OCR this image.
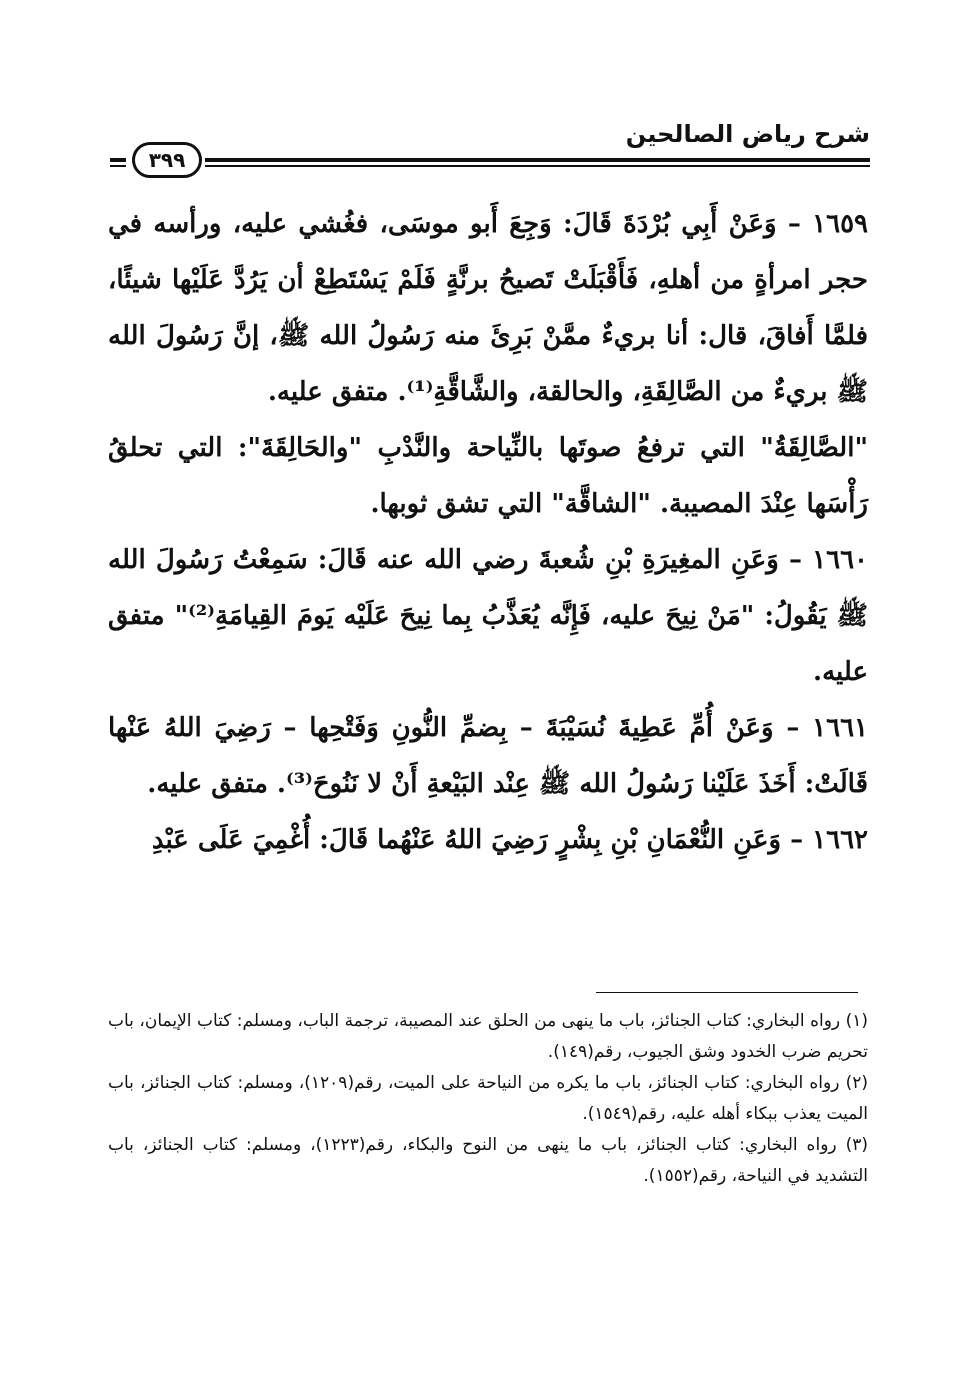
شرح رياض الصالحين
٣٩٩

١٦٥٩ – وَعَنْ أَبِي بُرْدَةَ قَالَ: وَجِعَ أَبو موسَى، فغُشي عليه، ورأسه في حجر امرأةٍ من أهلهِ، فَأَقْبَلَتْ تَصيحُ برنَّةٍ فَلَمْ يَسْتَطِعْ أن يَرُدَّ عَلَيْها شيئًا، فلمَّا أَفاقَ، قال: أنا بريءٌ ممَّنْ بَرِئَ منه رَسُولُ الله ﷺ، إنَّ رَسُولَ الله ﷺ بريءٌ من الصَّالِقَةِ، والحالقة، والشَّاقَّةِ⁽¹⁾. متفق عليه.

"الصَّالِقَةُ" التي ترفعُ صوتَها بالنِّياحة والنَّدْبِ "والحَالِقَةَ": التي تحلقُ رَأْسَها عِنْدَ المصيبة. "الشاقَّة" التي تشق ثوبها.

١٦٦٠ – وَعَنِ المغِيرَةِ بْنِ شُعبةَ رضي الله عنه قَالَ: سَمِعْتُ رَسُولَ الله ﷺ يَقُولُ: "مَنْ نِيحَ عليه، فَإِنَّه يُعَذَّبُ بِما نِيحَ عَلَيْه يَومَ القِيامَةِ⁽²⁾" متفق عليه.

١٦٦١ – وَعَنْ أُمِّ عَطِيةَ نُسَيْبَةَ – بِضمِّ النُّونِ وَفَتْحِها – رَضِيَ اللهُ عَنْها قَالَتْ: أَخَذَ عَلَيْنا رَسُولُ الله ﷺ عِنْد البَيْعةِ أَنْ لا نَنُوحَ⁽³⁾. متفق عليه.

١٦٦٢ – وَعَنِ النُّعْمَانِ بْنِ بِشْرٍ رَضِيَ اللهُ عَنْهُما قَالَ: أُغْمِيَ عَلَى عَبْدِ

(١) رواه البخاري: كتاب الجنائز، باب ما ينهى من الحلق عند المصيبة، ترجمة الباب، ومسلم: كتاب الإيمان، باب تحريم ضرب الخدود وشق الجيوب، رقم(١٤٩).

(٢) رواه البخاري: كتاب الجنائز، باب ما يكره من النياحة على الميت، رقم(١٢٠٩)، ومسلم: كتاب الجنائز، باب الميت يعذب ببكاء أهله عليه، رقم(١٥٤٩).

(٣) رواه البخاري: كتاب الجنائز، باب ما ينهى من النوح والبكاء، رقم(١٢٢٣)، ومسلم: كتاب الجنائز، باب التشديد في النياحة، رقم(١٥٥٢).
